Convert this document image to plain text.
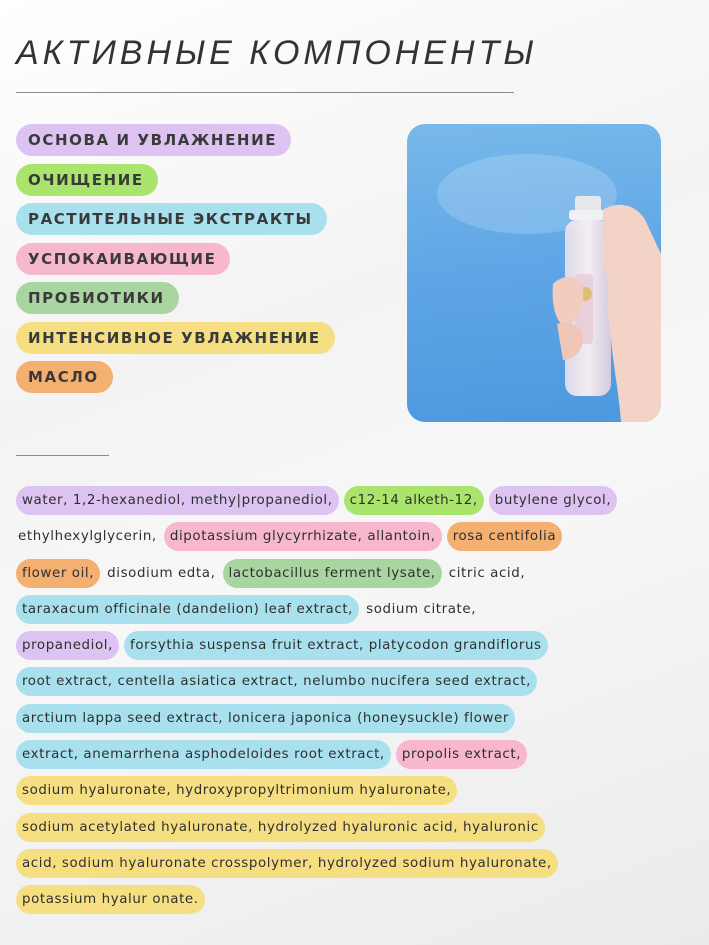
АКТИВНЫЕ КОМПОНЕНТЫ
ОСНОВА И УВЛАЖНЕНИЕ
ОЧИЩЕНИЕ
РАСТИТЕЛЬНЫЕ ЭКСТРАКТЫ
УСПОКАИВАЮЩИЕ
ПРОБИОТИКИ
ИНТЕНСИВНОЕ УВЛАЖНЕНИЕ
МАСЛО
water, 1,2-hexanediol, methy|propanediol, c12-14 alketh-12, butylene glycol,
ethylhexylglycerin, dipotassium glycyrrhizate, allantoin, rosa centifolia
flower oil, disodium edta, lactobacillus ferment lysate, citric acid,
taraxacum officinale (dandelion) leaf extract, sodium citrate,
propanediol, forsythia suspensa fruit extract, platycodon grandiflorus
root extract, centella asiatica extract, nelumbo nucifera seed extract,
arctium lappa seed extract, lonicera japonica (honeysuckle) flower
extract, anemarrhena asphodeloides root extract, propolis extract,
sodium hyaluronate, hydroxypropyltrimonium hyaluronate,
sodium acetylated hyaluronate, hydrolyzed hyaluronic acid, hyaluronic
acid, sodium hyaluronate crosspolymer, hydrolyzed sodium hyaluronate,
potassium hyalur onate.
